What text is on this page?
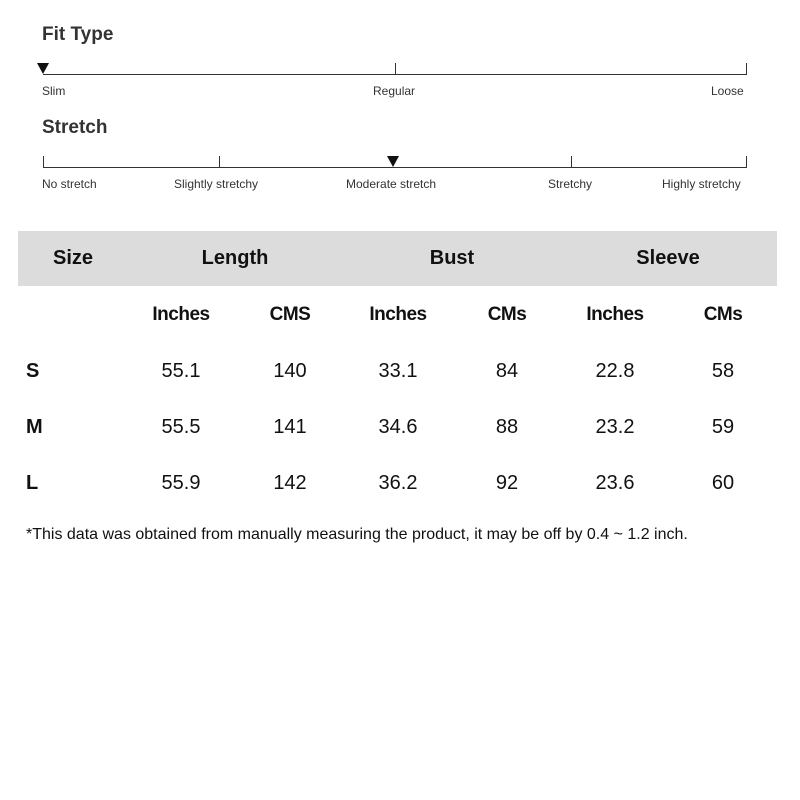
Fit Type
Slim	Regular	Loose
Stretch
No stretch	Slightly stretchy	Moderate stretch	Stretchy	Highly stretchy
Size	Length	Bust	Sleeve
Inches	CMS	Inches	CMs	Inches	CMs
S	55.1	140	33.1	84	22.8	58
M	55.5	141	34.6	88	23.2	59
L	55.9	142	36.2	92	23.6	60
*This data was obtained from manually measuring the product, it may be off by 0.4 ~ 1.2 inch.
